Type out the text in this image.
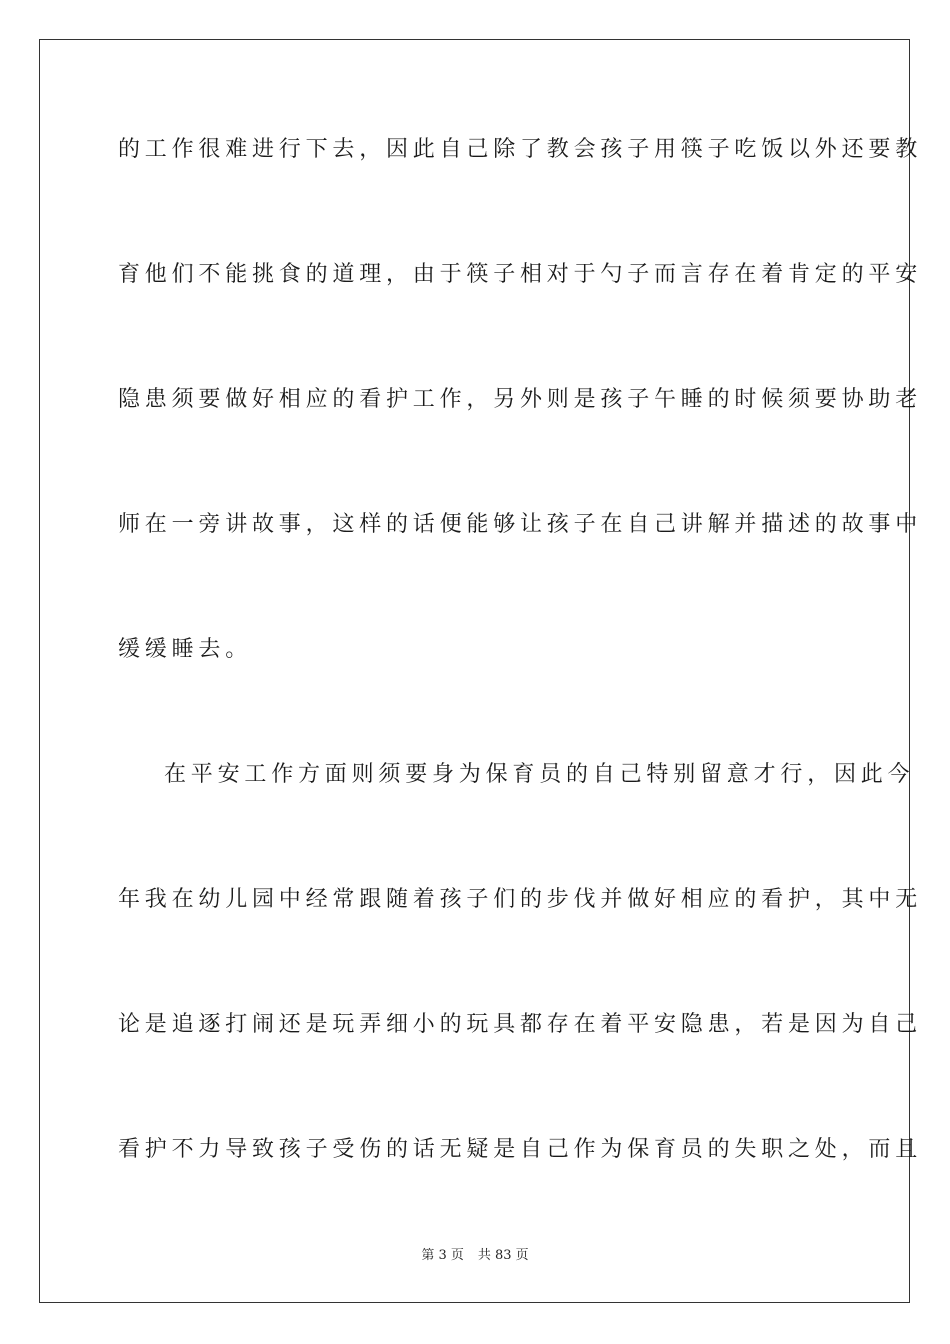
的工作很难进行下去，因此自己除了教会孩子用筷子吃饭以外还要教
育他们不能挑食的道理，由于筷子相对于勺子而言存在着肯定的平安
隐患须要做好相应的看护工作，另外则是孩子午睡的时候须要协助老
师在一旁讲故事，这样的话便能够让孩子在自己讲解并描述的故事中
缓缓睡去。
在平安工作方面则须要身为保育员的自己特别留意才行，因此今
年我在幼儿园中经常跟随着孩子们的步伐并做好相应的看护，其中无
论是追逐打闹还是玩弄细小的玩具都存在着平安隐患，若是因为自己
看护不力导致孩子受伤的话无疑是自己作为保育员的失职之处，而且
第 3 页 共 83 页
